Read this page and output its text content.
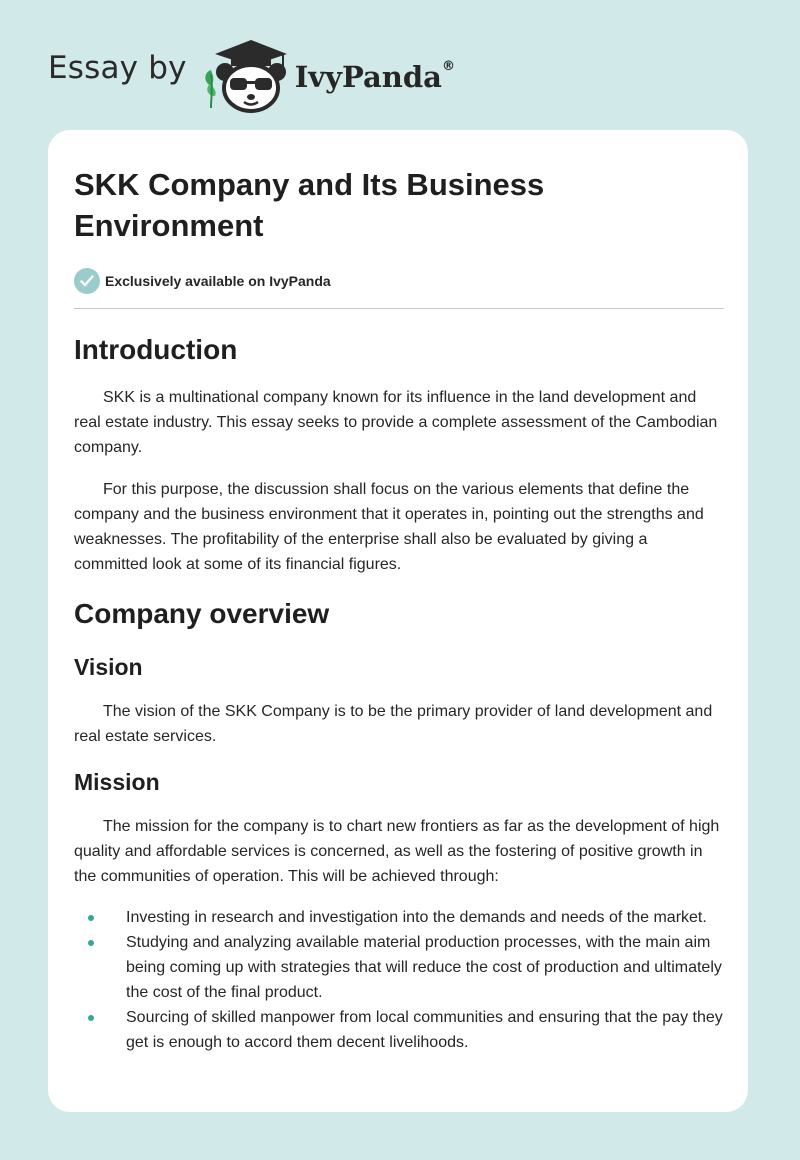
Essay by	IvyPanda®
SKK Company and Its Business Environment
Exclusively available on IvyPanda
Introduction

SKK is a multinational company known for its influence in the land development and real estate industry. This essay seeks to provide a complete assessment of the Cambodian company.

For this purpose, the discussion shall focus on the various elements that define the company and the business environment that it operates in, pointing out the strengths and weaknesses. The profitability of the enterprise shall also be evaluated by giving a committed look at some of its financial figures.

Company overview
Vision

The vision of the SKK Company is to be the primary provider of land development and real estate services.

Mission

The mission for the company is to chart new frontiers as far as the development of high quality and affordable services is concerned, as well as the fostering of positive growth in the communities of operation. This will be achieved through:

Investing in research and investigation into the demands and needs of the market.
Studying and analyzing available material production processes, with the main aim being coming up with strategies that will reduce the cost of production and ultimately the cost of the final product.
Sourcing of skilled manpower from local communities and ensuring that the pay they get is enough to accord them decent livelihoods.
